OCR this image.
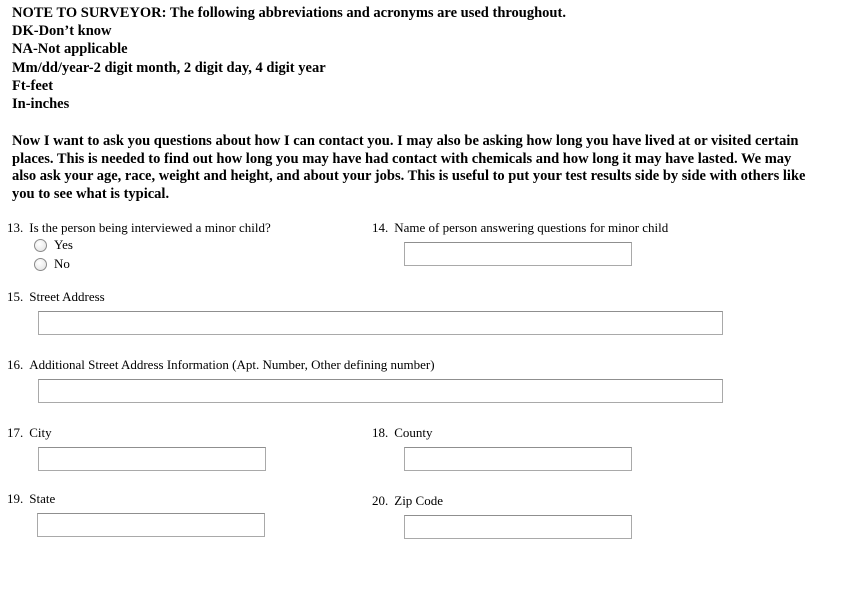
NOTE TO SURVEYOR: The following abbreviations and acronyms are used throughout.
DK-Don’t know
NA-Not applicable
Mm/dd/year-2 digit month, 2 digit day, 4 digit year
Ft-feet
In-inches
Now I want to ask you questions about how I can contact you. I may also be asking how long you have lived at or visited certain places. This is needed to find out how long you may have had contact with chemicals and how long it may have lasted. We may also ask your age, race, weight and height, and about your jobs. This is useful to put your test results side by side with others like you to see what is typical.
13. Is the person being interviewed a minor child?
Yes
No
14. Name of person answering questions for minor child
15. Street Address
16. Additional Street Address Information (Apt. Number, Other defining number)
17. City	18. County
19. State	20. Zip Code
